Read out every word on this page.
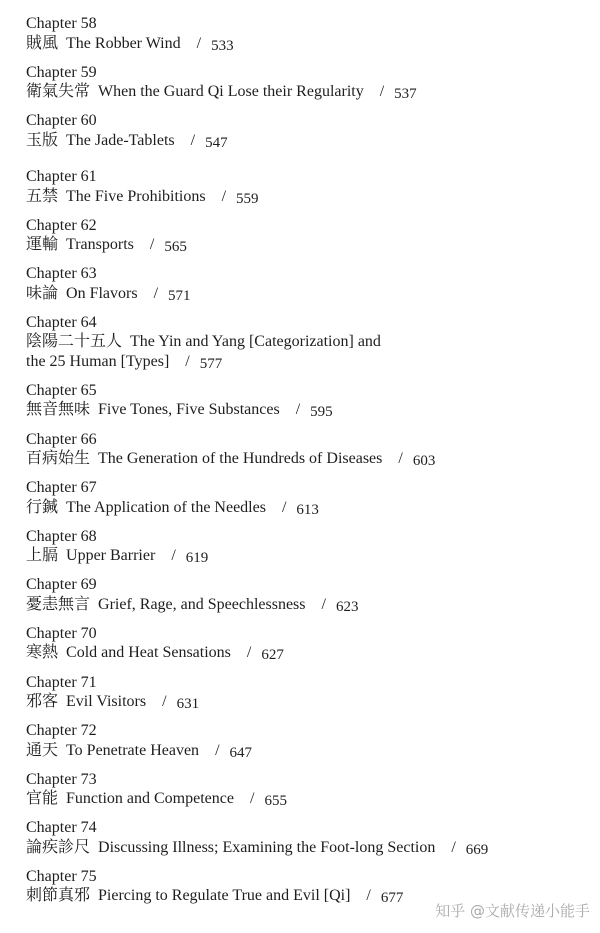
Chapter 58
賊風 The Robber Wind / 533
Chapter 59
衛氣失常 When the Guard Qi Lose their Regularity / 537
Chapter 60
玉版 The Jade-Tablets / 547
Chapter 61
五禁 The Five Prohibitions / 559
Chapter 62
運輸 Transports / 565
Chapter 63
味論 On Flavors / 571
Chapter 64
陰陽二十五人 The Yin and Yang [Categorization] and
the 25 Human [Types] / 577
Chapter 65
無音無味 Five Tones, Five Substances / 595
Chapter 66
百病始生 The Generation of the Hundreds of Diseases / 603
Chapter 67
行鍼 The Application of the Needles / 613
Chapter 68
上膈 Upper Barrier / 619
Chapter 69
憂恚無言 Grief, Rage, and Speechlessness / 623
Chapter 70
寒熱 Cold and Heat Sensations / 627
Chapter 71
邪客 Evil Visitors / 631
Chapter 72
通天 To Penetrate Heaven / 647
Chapter 73
官能 Function and Competence / 655
Chapter 74
論疾診尺 Discussing Illness; Examining the Foot-long Section / 669
Chapter 75
刺節真邪 Piercing to Regulate True and Evil [Qi] / 677
知乎 @文献传递小能手
